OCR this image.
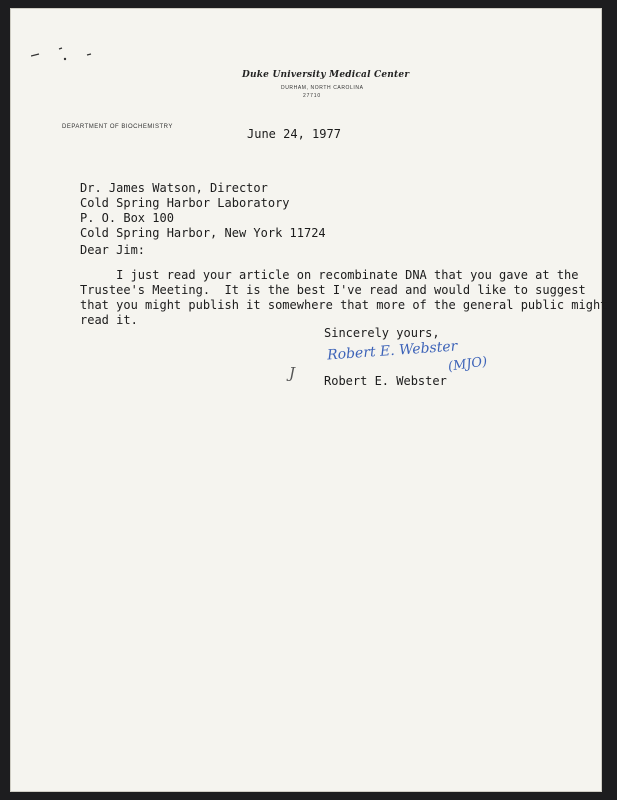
Duke University Medical Center
DURHAM, NORTH CAROLINA
27710
DEPARTMENT OF BIOCHEMISTRY	June 24, 1977
Dr. James Watson, Director
Cold Spring Harbor Laboratory
P. O. Box 100
Cold Spring Harbor, New York 11724
Dear Jim:
I just read your article on recombinate DNA that you gave at the
Trustee's Meeting.  It is the best I've read and would like to suggest
that you might publish it somewhere that more of the general public might
read it.
Sincerely yours,
Robert E. Webster
(MJO)
J Robert E. Webster
